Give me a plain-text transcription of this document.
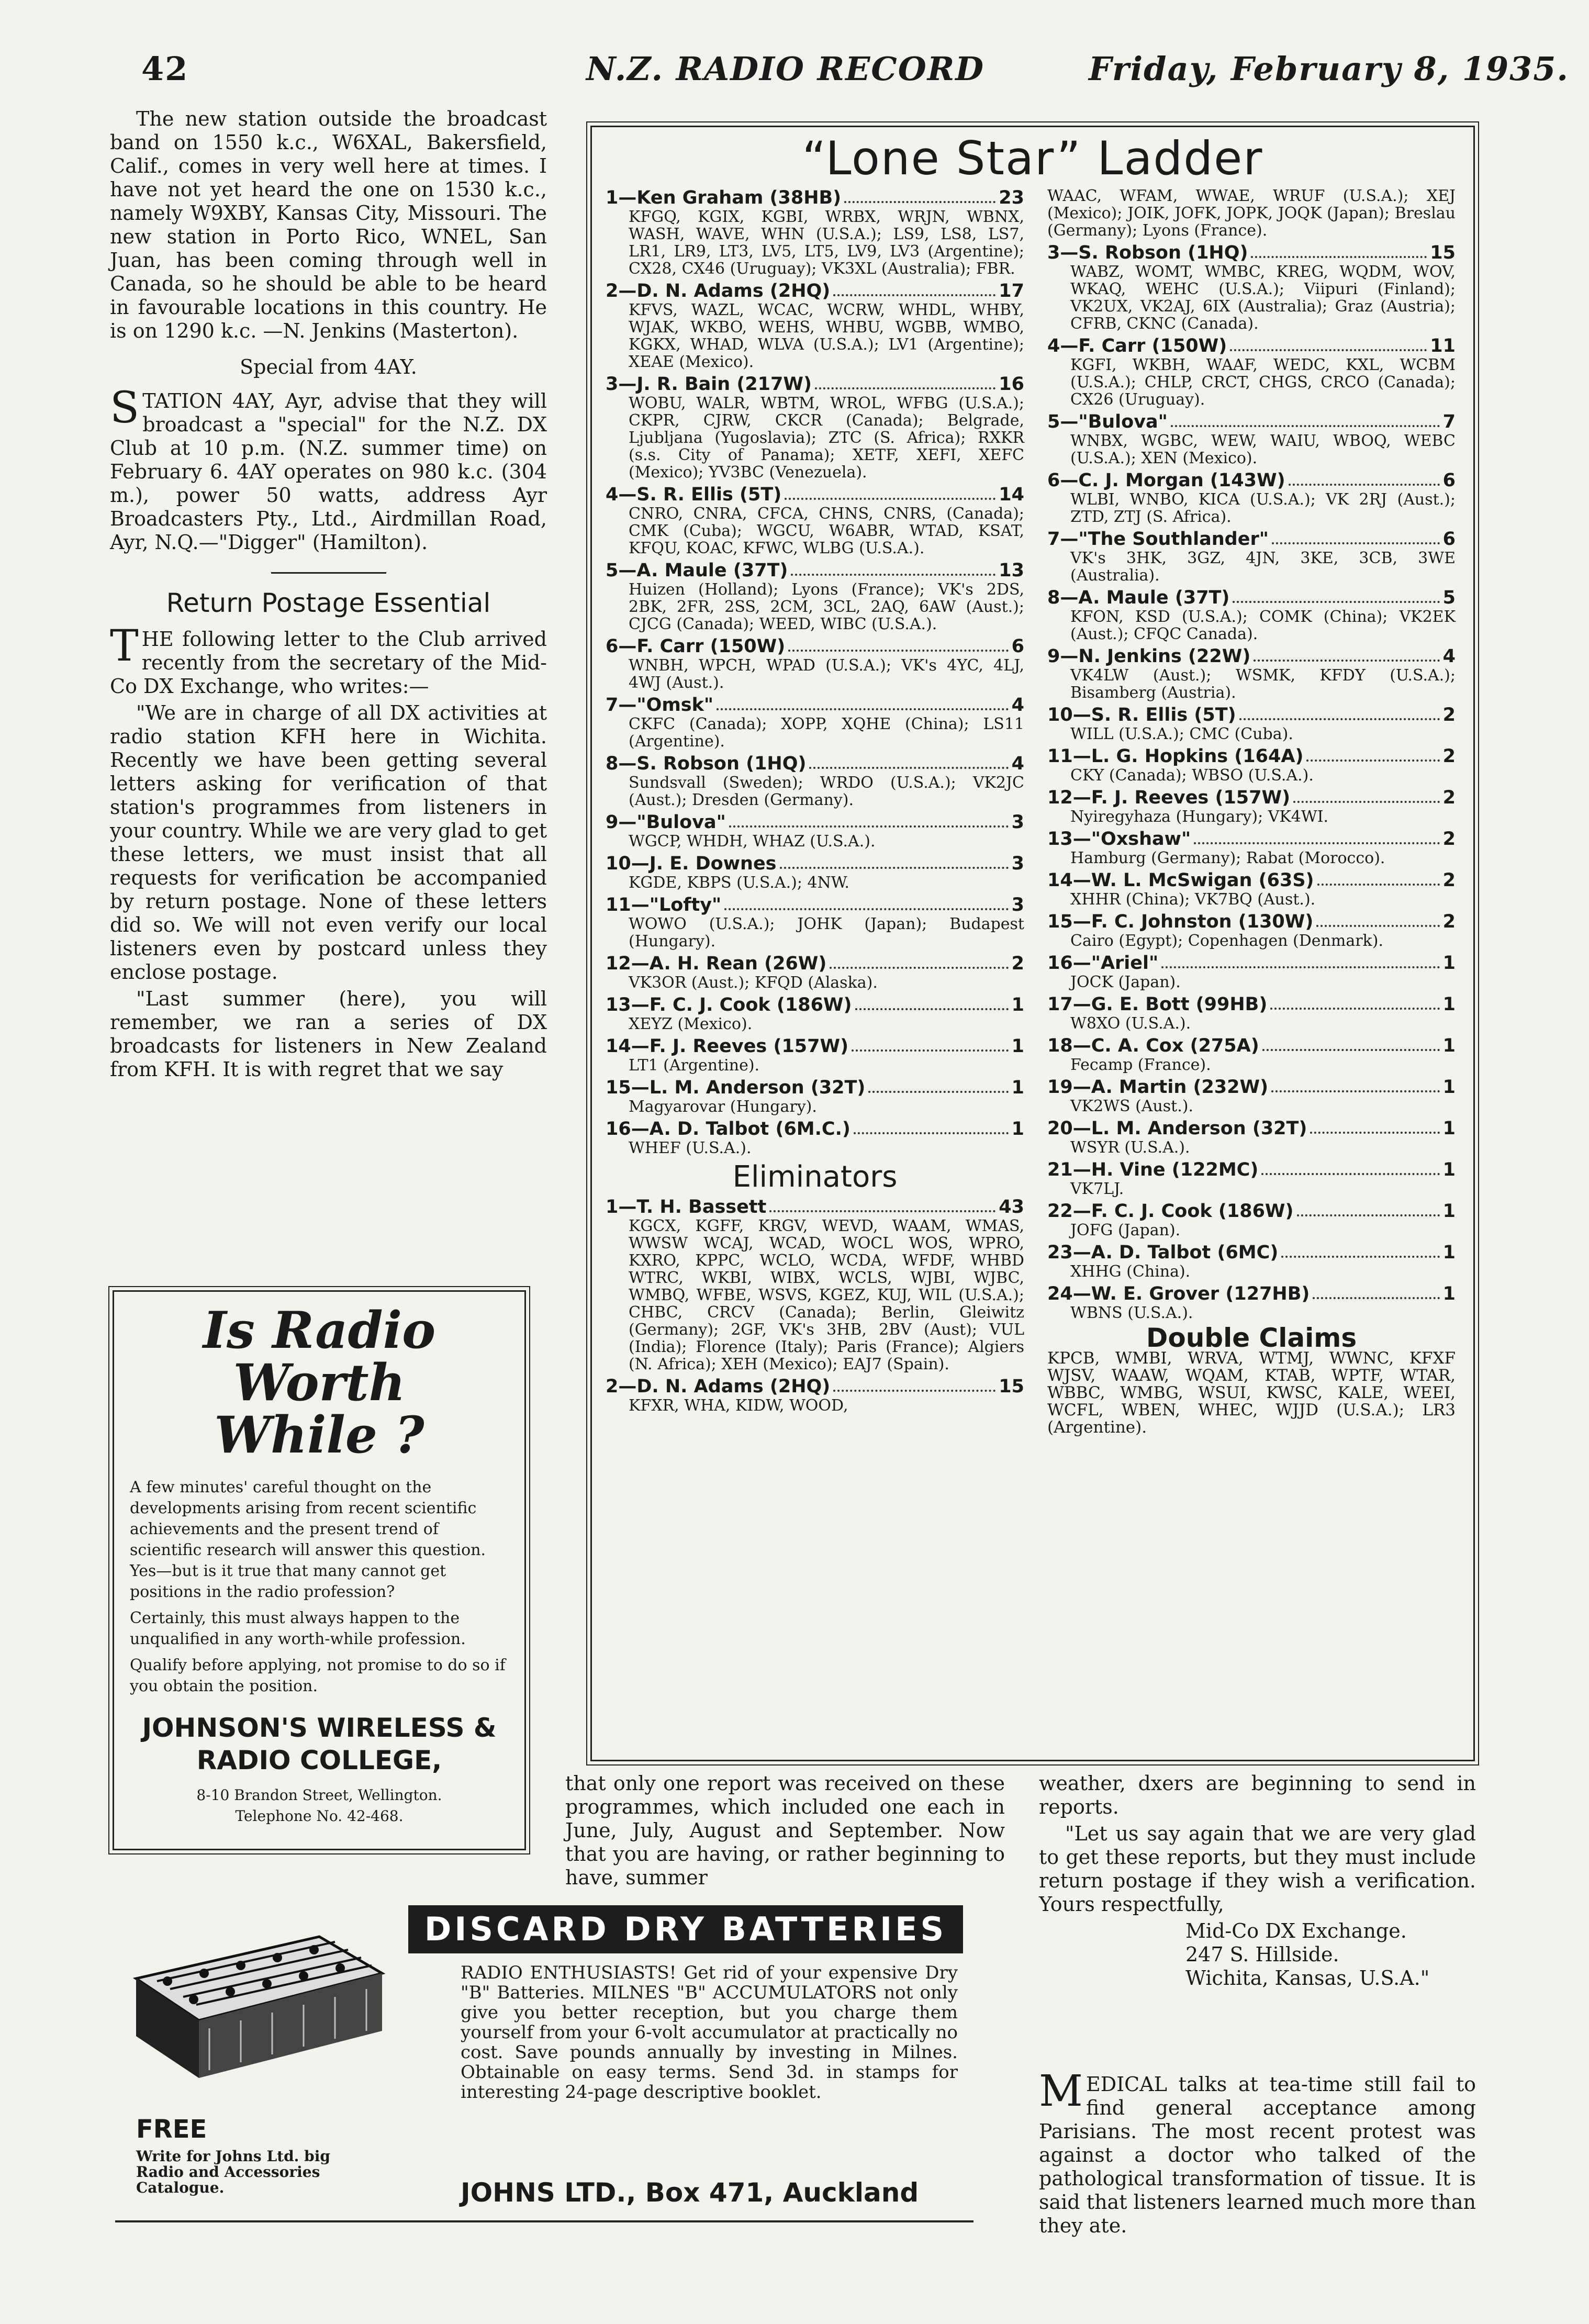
42	N.Z. RADIO RECORD	Friday, February 8, 1935.

The new station outside the broadcast band on 1550 k.c., W6XAL, Bakersfield, Calif., comes in very well here at times. I have not yet heard the one on 1530 k.c., namely W9XBY, Kansas City, Missouri. The new station in Porto Rico, WNEL, San Juan, has been coming through well in Canada, so he should be able to be heard in favourable locations in this country. He is on 1290 k.c. —N. Jenkins (Masterton).

Special from 4AY.

STATION 4AY, Ayr, advise that they will broadcast a "special" for the N.Z. DX Club at 10 p.m. (N.Z. summer time) on February 6. 4AY operates on 980 k.c. (304 m.), power 50 watts, address Ayr Broadcasters Pty., Ltd., Airdmillan Road, Ayr, N.Q.—"Digger" (Hamilton).

Return Postage Essential

THE following letter to the Club arrived recently from the secretary of the Mid-Co DX Exchange, who writes:—

"We are in charge of all DX activities at radio station KFH here in Wichita. Recently we have been getting several letters asking for verification of that station's programmes from listeners in your country. While we are very glad to get these letters, we must insist that all requests for verification be accompanied by return postage. None of these letters did so. We will not even verify our local listeners even by postcard unless they enclose postage.

"Last summer (here), you will remember, we ran a series of DX broadcasts for listeners in New Zealand from KFH. It is with regret that we say

Is Radio Worth
While ?

A few minutes' careful thought on the developments arising from recent scientific achievements and the present trend of scientific research will answer this question. Yes—but is it true that many cannot get positions in the radio profession?

Certainly, this must always happen to the unqualified in any worth-while profession.

Qualify before applying, not promise to do so if you obtain the position.

JOHNSON'S WIRELESS &
RADIO COLLEGE,
8-10 Brandon Street, Wellington.
Telephone No. 42-468.
“Lone Star” Ladder
1—Ken Graham (38HB)	23
KFGQ, KGIX, KGBI, WRBX, WRJN, WBNX, WASH, WAVE, WHN (U.S.A.); LS9, LS8, LS7, LR1, LR9, LT3, LV5, LT5, LV9, LV3 (Argentine); CX28, CX46 (Uruguay); VK3XL (Australia); FBR.
2—D. N. Adams (2HQ)	17
KFVS, WAZL, WCAC, WCRW, WHDL, WHBY, WJAK, WKBO, WEHS, WHBU, WGBB, WMBO, KGKX, WHAD, WLVA (U.S.A.); LV1 (Argentine); XEAE (Mexico).
3—J. R. Bain (217W)	16
WOBU, WALR, WBTM, WROL, WFBG (U.S.A.); CKPR, CJRW, CKCR (Canada); Belgrade, Ljubljana (Yugoslavia); ZTC (S. Africa); RXKR (s.s. City of Panama); XETF, XEFI, XEFC (Mexico); YV3BC (Venezuela).
4—S. R. Ellis (5T)	14
CNRO, CNRA, CFCA, CHNS, CNRS, (Canada); CMK (Cuba); WGCU, W6ABR, WTAD, KSAT, KFQU, KOAC, KFWC, WLBG (U.S.A.).
5—A. Maule (37T)	13
Huizen (Holland); Lyons (France); VK's 2DS, 2BK, 2FR, 2SS, 2CM, 3CL, 2AQ, 6AW (Aust.); CJCG (Canada); WEED, WIBC (U.S.A.).
6—F. Carr (150W)	6
WNBH, WPCH, WPAD (U.S.A.); VK's 4YC, 4LJ, 4WJ (Aust.).
7—"Omsk"	4
CKFC (Canada); XOPP, XQHE (China); LS11 (Argentine).
8—S. Robson (1HQ)	4
Sundsvall (Sweden); WRDO (U.S.A.); VK2JC (Aust.); Dresden (Germany).
9—"Bulova"	3
WGCP, WHDH, WHAZ (U.S.A.).
10—J. E. Downes	3
KGDE, KBPS (U.S.A.); 4NW.
11—"Lofty"	3
WOWO (U.S.A.); JOHK (Japan); Budapest (Hungary).
12—A. H. Rean (26W)	2
VK3OR (Aust.); KFQD (Alaska).
13—F. C. J. Cook (186W)	1
XEYZ (Mexico).
14—F. J. Reeves (157W)	1
LT1 (Argentine).
15—L. M. Anderson (32T)	1
Magyarovar (Hungary).
16—A. D. Talbot (6M.C.)	1
WHEF (U.S.A.).
Eliminators
1—T. H. Bassett	43
KGCX, KGFF, KRGV, WEVD, WAAM, WMAS, WWSW WCAJ, WCAD, WOCL WOS, WPRO, KXRO, KPPC, WCLO, WCDA, WFDF, WHBD WTRC, WKBI, WIBX, WCLS, WJBI, WJBC, WMBQ, WFBE, WSVS, KGEZ, KUJ, WIL (U.S.A.); CHBC, CRCV (Canada); Berlin, Gleiwitz (Germany); 2GF, VK's 3HB, 2BV (Aust); VUL (India); Florence (Italy); Paris (France); Algiers (N. Africa); XEH (Mexico); EAJ7 (Spain).
2—D. N. Adams (2HQ)	15
KFXR, WHA, KIDW, WOOD,
WAAC, WFAM, WWAE, WRUF (U.S.A.); XEJ (Mexico); JOIK, JOFK, JOPK, JOQK (Japan); Breslau (Germany); Lyons (France).
3—S. Robson (1HQ)	15
WABZ, WOMT, WMBC, KREG, WQDM, WOV, WKAQ, WEHC (U.S.A.); Viipuri (Finland); VK2UX, VK2AJ, 6IX (Australia); Graz (Austria); CFRB, CKNC (Canada).
4—F. Carr (150W)	11
KGFI, WKBH, WAAF, WEDC, KXL, WCBM (U.S.A.); CHLP, CRCT, CHGS, CRCO (Canada); CX26 (Uruguay).
5—"Bulova"	7
WNBX, WGBC, WEW, WAIU, WBOQ, WEBC (U.S.A.); XEN (Mexico).
6—C. J. Morgan (143W)	6
WLBI, WNBO, KICA (U.S.A.); VK 2RJ (Aust.); ZTD, ZTJ (S. Africa).
7—"The Southlander"	6
VK's 3HK, 3GZ, 4JN, 3KE, 3CB, 3WE (Australia).
8—A. Maule (37T)	5
KFON, KSD (U.S.A.); COMK (China); VK2EK (Aust.); CFQC Canada).
9—N. Jenkins (22W)	4
VK4LW (Aust.); WSMK, KFDY (U.S.A.); Bisamberg (Austria).
10—S. R. Ellis (5T)	2
WILL (U.S.A.); CMC (Cuba).
11—L. G. Hopkins (164A)	2
CKY (Canada); WBSO (U.S.A.).
12—F. J. Reeves (157W)	2
Nyiregyhaza (Hungary); VK4WI.
13—"Oxshaw"	2
Hamburg (Germany); Rabat (Morocco).
14—W. L. McSwigan (63S)	2
XHHR (China); VK7BQ (Aust.).
15—F. C. Johnston (130W)	2
Cairo (Egypt); Copenhagen (Denmark).
16—"Ariel"	1
JOCK (Japan).
17—G. E. Bott (99HB)	1
W8XO (U.S.A.).
18—C. A. Cox (275A)	1
Fecamp (France).
19—A. Martin (232W)	1
VK2WS (Aust.).
20—L. M. Anderson (32T)	1
WSYR (U.S.A.).
21—H. Vine (122MC)	1
VK7LJ.
22—F. C. J. Cook (186W)	1
JOFG (Japan).
23—A. D. Talbot (6MC)	1
XHHG (China).
24—W. E. Grover (127HB)	1
WBNS (U.S.A.).
Double Claims
KPCB, WMBI, WRVA, WTMJ, WWNC, KFXF WJSV, WAAW, WQAM, KTAB, WPTF, WTAR, WBBC, WMBG, WSUI, KWSC, KALE, WEEI, WCFL, WBEN, WHEC, WJJD (U.S.A.); LR3 (Argentine).

that only one report was received on these programmes, which included one each in June, July, August and September. Now that you are having, or rather beginning to have, summer

weather, dxers are beginning to send in reports.

"Let us say again that we are very glad to get these reports, but they must include return postage if they wish a verification. Yours respectfully,

Mid-Co DX Exchange.
247 S. Hillside.
Wichita, Kansas, U.S.A."

MEDICAL talks at tea-time still fail to find general acceptance among Parisians. The most recent protest was against a doctor who talked of the pathological transformation of tissue. It is said that listeners learned much more than they ate.

DISCARD DRY BATTERIES
FREE
Write for Johns Ltd. big Radio and Accessories Catalogue.
RADIO ENTHUSIASTS! Get rid of your expensive Dry "B" Batteries. MILNES "B" ACCUMULATORS not only give you better reception, but you charge them yourself from your 6-volt accumulator at practically no cost. Save pounds annually by investing in Milnes. Obtainable on easy terms. Send 3d. in stamps for interesting 24-page descriptive booklet.
JOHNS LTD., Box 471, Auckland
